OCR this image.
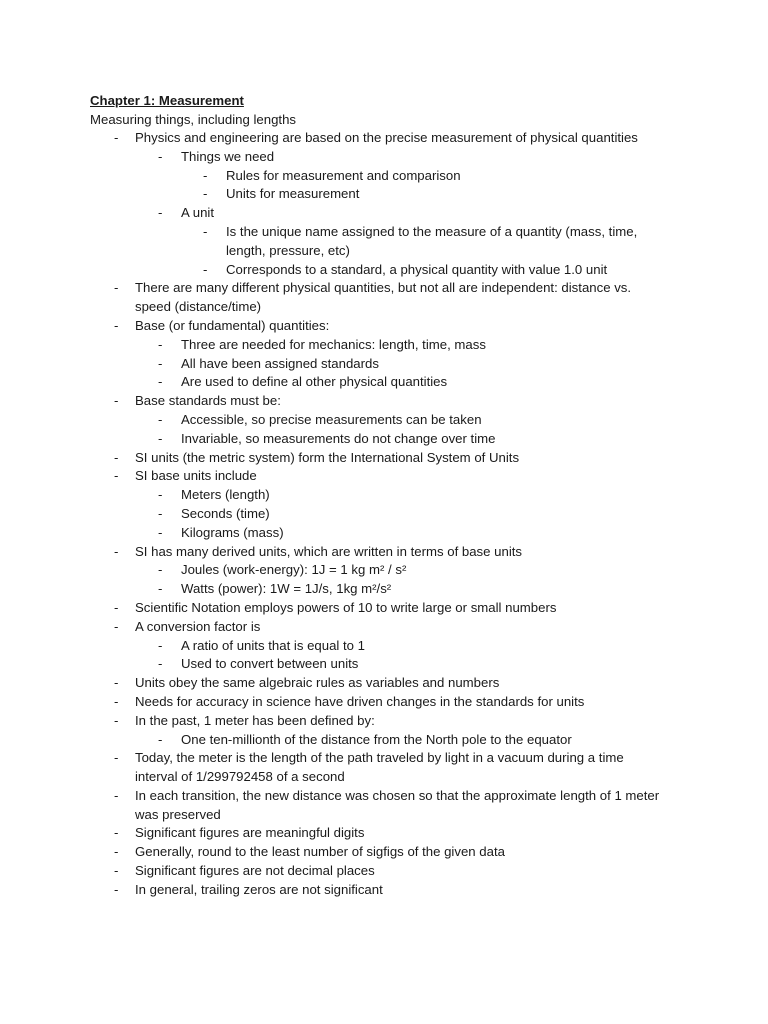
Chapter 1: Measurement
Measuring things, including lengths
- Physics and engineering are based on the precise measurement of physical quantities
- Things we need
- Rules for measurement and comparison
- Units for measurement
- A unit
- Is the unique name assigned to the measure of a quantity (mass, time, length, pressure, etc)
- Corresponds to a standard, a physical quantity with value 1.0 unit
- There are many different physical quantities, but not all are independent: distance vs. speed (distance/time)
- Base (or fundamental) quantities:
- Three are needed for mechanics: length, time, mass
- All have been assigned standards
- Are used to define al other physical quantities
- Base standards must be:
- Accessible, so precise measurements can be taken
- Invariable, so measurements do not change over time
- SI units (the metric system) form the International System of Units
- SI base units include
- Meters (length)
- Seconds (time)
- Kilograms (mass)
- SI has many derived units, which are written in terms of base units
- Joules (work-energy): 1J = 1 kg m² / s²
- Watts (power): 1W = 1J/s, 1kg m²/s²
- Scientific Notation employs powers of 10 to write large or small numbers
- A conversion factor is
- A ratio of units that is equal to 1
- Used to convert between units
- Units obey the same algebraic rules as variables and numbers
- Needs for accuracy in science have driven changes in the standards for units
- In the past, 1 meter has been defined by:
- One ten-millionth of the distance from the North pole to the equator
- Today, the meter is the length of the path traveled by light in a vacuum during a time interval of 1/299792458 of a second
- In each transition, the new distance was chosen so that the approximate length of 1 meter was preserved
- Significant figures are meaningful digits
- Generally, round to the least number of sigfigs of the given data
- Significant figures are not decimal places
- In general, trailing zeros are not significant
